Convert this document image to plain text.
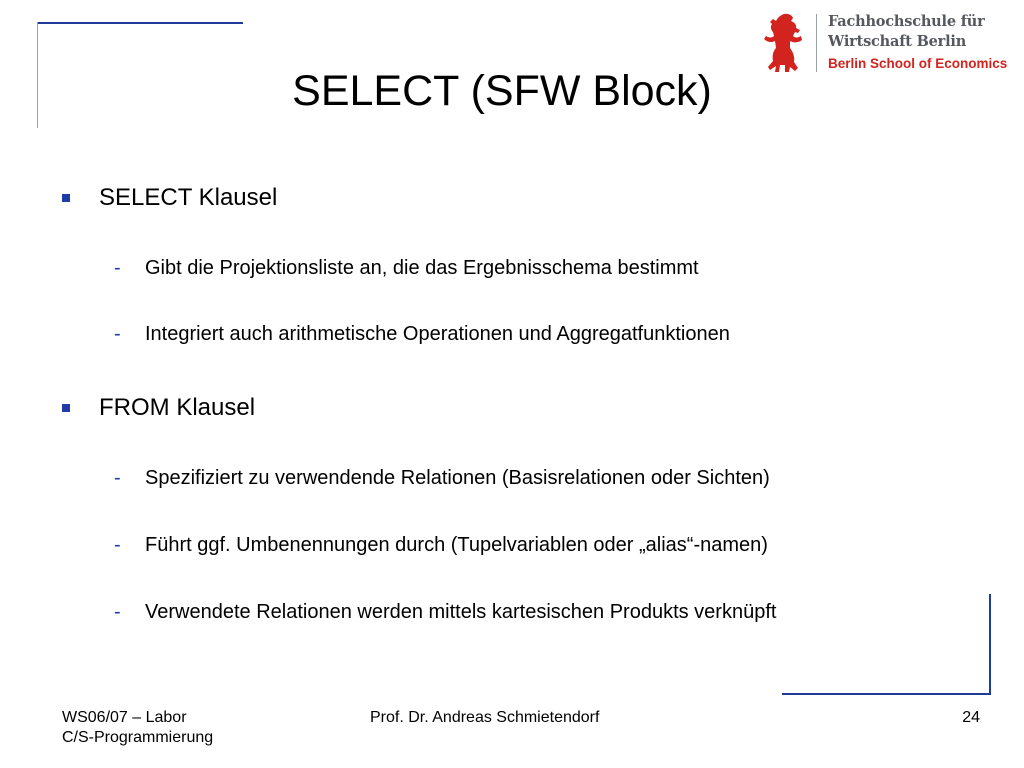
Fachhochschule für
Wirtschaft Berlin
Berlin School of Economics
SELECT (SFW Block)
SELECT Klausel
- Gibt die Projektionsliste an, die das Ergebnisschema bestimmt
- Integriert auch arithmetische Operationen und Aggregatfunktionen
FROM Klausel
- Spezifiziert zu verwendende Relationen (Basisrelationen oder Sichten)
- Führt ggf. Umbenennungen durch (Tupelvariablen oder „alias“-namen)
- Verwendete Relationen werden mittels kartesischen Produkts verknüpft
WS06/07 – Labor
C/S-Programmierung
Prof. Dr. Andreas Schmietendorf	24
